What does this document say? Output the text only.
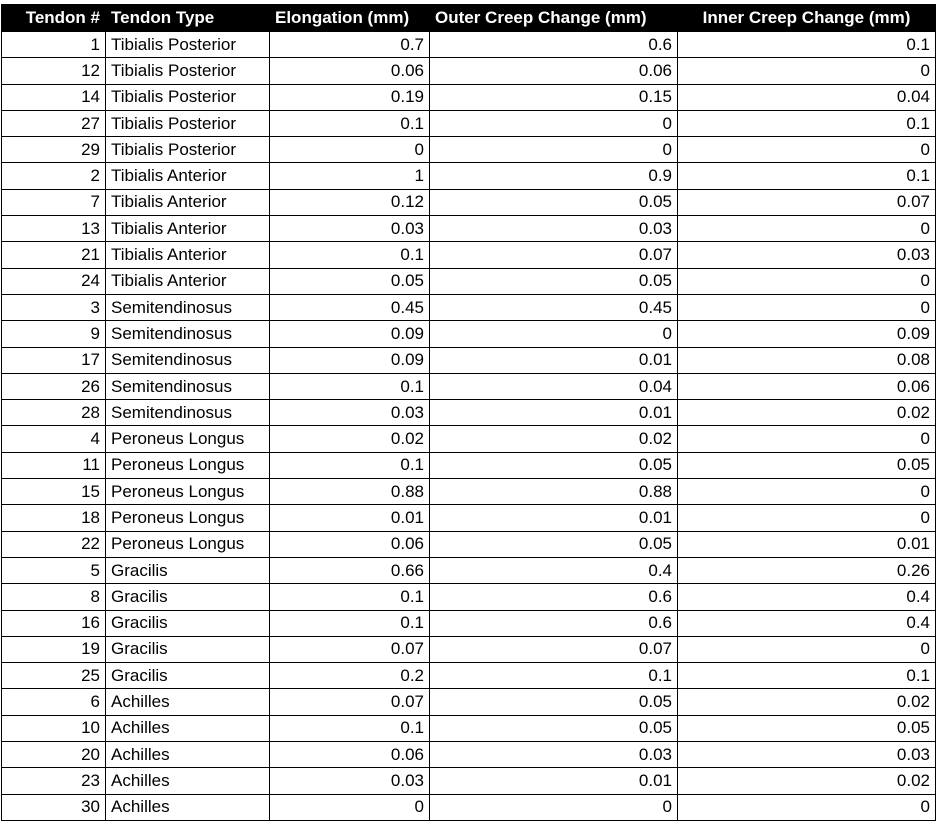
Tendon #	Tendon Type	Elongation (mm)	Outer Creep Change (mm)	Inner Creep Change (mm)
1	Tibialis Posterior	0.7	0.6	0.1
12	Tibialis Posterior	0.06	0.06	0
14	Tibialis Posterior	0.19	0.15	0.04
27	Tibialis Posterior	0.1	0	0.1
29	Tibialis Posterior	0	0	0
2	Tibialis Anterior	1	0.9	0.1
7	Tibialis Anterior	0.12	0.05	0.07
13	Tibialis Anterior	0.03	0.03	0
21	Tibialis Anterior	0.1	0.07	0.03
24	Tibialis Anterior	0.05	0.05	0
3	Semitendinosus	0.45	0.45	0
9	Semitendinosus	0.09	0	0.09
17	Semitendinosus	0.09	0.01	0.08
26	Semitendinosus	0.1	0.04	0.06
28	Semitendinosus	0.03	0.01	0.02
4	Peroneus Longus	0.02	0.02	0
11	Peroneus Longus	0.1	0.05	0.05
15	Peroneus Longus	0.88	0.88	0
18	Peroneus Longus	0.01	0.01	0
22	Peroneus Longus	0.06	0.05	0.01
5	Gracilis	0.66	0.4	0.26
8	Gracilis	0.1	0.6	0.4
16	Gracilis	0.1	0.6	0.4
19	Gracilis	0.07	0.07	0
25	Gracilis	0.2	0.1	0.1
6	Achilles	0.07	0.05	0.02
10	Achilles	0.1	0.05	0.05
20	Achilles	0.06	0.03	0.03
23	Achilles	0.03	0.01	0.02
30	Achilles	0	0	0
